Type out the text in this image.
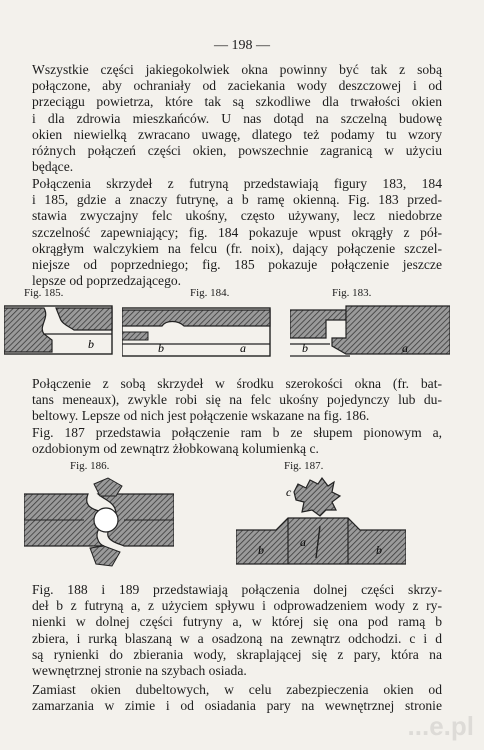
— 198 —
Wszystkie części jakiegokolwiek okna powinny być tak z sobą
połączone, aby ochraniały od zaciekania wody deszczowej i od
przeciągu powietrza, które tak są szkodliwe dla trwałości okien
i dla zdrowia mieszkańców. U nas dotąd na szczelną budowę
okien niewielką zwracano uwagę, dlatego też podamy tu wzory
różnych połączeń części okien, powszechnie zagranicą w użyciu
będące.
Połączenia skrzydeł z futryną przedstawiają figury 183, 184
i 185, gdzie a znaczy futrynę, a b ramę okienną. Fig. 183 przed-
stawia zwyczajny felc ukośny, często używany, lecz niedobrze
szczelność zapewniający; fig. 184 pokazuje wpust okrągły z pół-
okrągłym walczykiem na felcu (fr. noix), dający połączenie szczel-
niejsze od poprzedniego; fig. 185 pokazuje połączenie jeszcze
lepsze od poprzedzającego.
Fig. 185.	Fig. 184.	Fig. 183.
b	b	a	b	a
Połączenie z sobą skrzydeł w środku szerokości okna (fr. bat-
tans meneaux), zwykle robi się na felc ukośny pojedynczy lub du-
beltowy. Lepsze od nich jest połączenie wskazane na fig. 186.
Fig. 187 przedstawia połączenie ram b ze słupem pionowym a,
ozdobionym od zewnątrz żłobkowaną kolumienką c.
Fig. 186.	Fig. 187.
c
a
b	b
Fig. 188 i 189 przedstawiają połączenia dolnej części skrzy-
deł b z futryną a, z użyciem spływu i odprowadzeniem wody z ry-
nienki w dolnej części futryny a, w której się ona pod ramą b
zbiera, i rurką blaszaną w a osadzoną na zewnątrz odchodzi. c i d
są rynienki do zbierania wody, skraplającej się z pary, która na
wewnętrznej stronie na szybach osiada.
Zamiast okien dubeltowych, w celu zabezpieczenia okien od
zamarzania w zimie i od osiadania pary na wewnętrznej stronie
...e.pl
